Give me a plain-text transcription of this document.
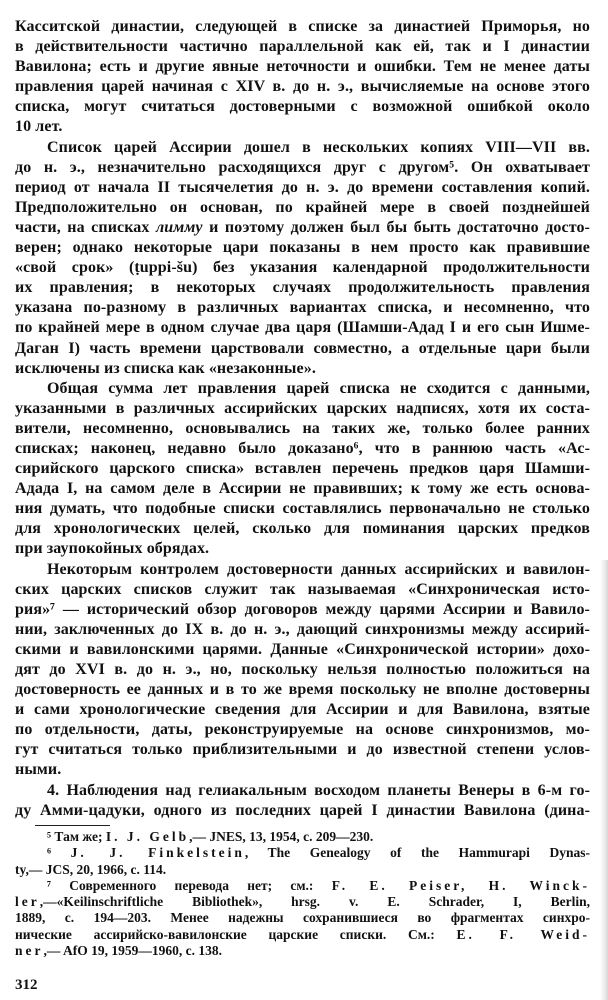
Касситской династии, следующей в списке за династией Приморья, но
в действительности частично параллельной как ей, так и I династии
Вавилона; есть и другие явные неточности и ошибки. Тем не менее даты
правления царей начиная с XIV в. до н. э., вычисляемые на основе этого
списка, могут считаться достоверными с возможной ошибкой около
10 лет.
Список царей Ассирии дошел в нескольких копиях VIII—VII вв.
до н. э., незначительно расходящихся друг с другом⁵. Он охватывает
период от начала II тысячелетия до н. э. до времени составления копий.
Предположительно он основан, по крайней мере в своей позднейшей
части, на списках лимму и поэтому должен был бы быть достаточно досто-
верен; однако некоторые цари показаны в нем просто как правившие
«свой срок» (ṭuppi-šu) без указания календарной продолжительности
их правления; в некоторых случаях продолжительность правления
указана по-разному в различных вариантах списка, и несомненно, что
по крайней мере в одном случае два царя (Шамши-Адад I и его сын Ишме-
Даган I) часть времени царствовали совместно, а отдельные цари были
исключены из списка как «незаконные».
Общая сумма лет правления царей списка не сходится с данными,
указанными в различных ассирийских царских надписях, хотя их соста-
вители, несомненно, основывались на таких же, только более ранних
списках; наконец, недавно было доказано⁶, что в раннюю часть «Ас-
сирийского царского списка» вставлен перечень предков царя Шамши-
Адада I, на самом деле в Ассирии не правивших; к тому же есть основа-
ния думать, что подобные списки составлялись первоначально не столько
для хронологических целей, сколько для поминания царских предков
при заупокойных обрядах.
Некоторым контролем достоверности данных ассирийских и вавилон-
ских царских списков служит так называемая «Синхроническая исто-
рия»⁷ — исторический обзор договоров между царями Ассирии и Вавило-
нии, заключенных до IX в. до н. э., дающий синхронизмы между ассирий-
скими и вавилонскими царями. Данные «Синхронической истории» дохо-
дят до XVI в. до н. э., но, поскольку нельзя полностью положиться на
достоверность ее данных и в то же время поскольку не вполне достоверны
и сами хронологические сведения для Ассирии и для Вавилона, взятые
по отдельности, даты, реконструируемые на основе синхронизмов, мо-
гут считаться только приблизительными и до известной степени услов-
ными.
4. Наблюдения над гелиакальным восходом планеты Венеры в 6-м го-
ду Амми-цадуки, одного из последних царей I династии Вавилона (дина-
⁵ Там же; I. J. Gelb,— JNES, 13, 1954, с. 209—230.
⁶ J. J. Finkelstein, The Genealogy of the Hammurapi Dynas-
ty,— JCS, 20, 1966, с. 114.
⁷ Современного перевода нет; см.: F. E. Peiser, H. Winck-
ler,—«Keilinschriftliche Bibliothek», hrsg. v. E. Schrader, I, Berlin,
1889, с. 194—203. Менее надежны сохранившиеся во фрагментах синхро-
нические ассирийско-вавилонские царские списки. См.: E. F. Weid-
ner,— AfO 19, 1959—1960, с. 138.
312
